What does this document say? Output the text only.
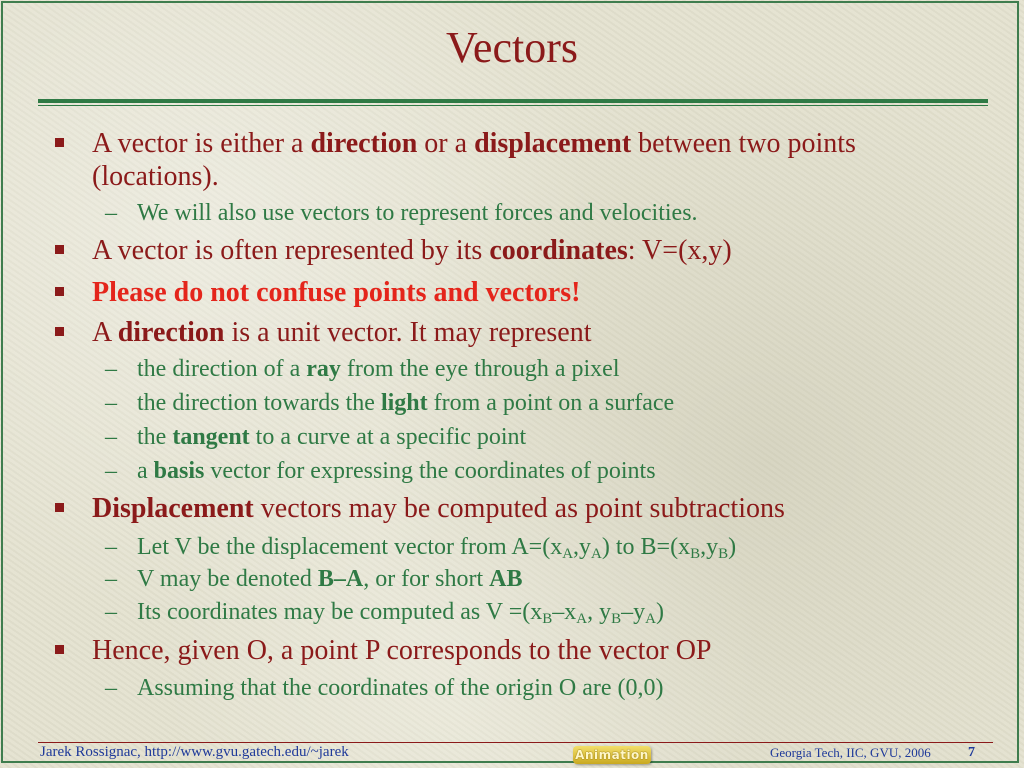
Vectors
A vector is either a direction or a displacement between two points (locations).
– We will also use vectors to represent forces and velocities.
A vector is often represented by its coordinates: V=(x,y)
Please do not confuse points and vectors!
A direction is a unit vector. It may represent
– the direction of a ray from the eye through a pixel
– the direction towards the light from a point on a surface
– the tangent to a curve at a specific point
– a basis vector for expressing the coordinates of points
Displacement vectors may be computed as point subtractions
– Let V be the displacement vector from $A=(x_A,y_A)$ to $B=(x_B,y_B)$
– V may be denoted B–A, or for short AB
– Its coordinates may be computed as $V =(x_B-x_A$, $y_B-y_A$)
Hence, given O, a point P corresponds to the vector OP
– Assuming that the coordinates of the origin O are (0,0)
Jarek Rossignac, http://www.gvu.gatech.edu/~jarek	Animation	Georgia Tech, IIC, GVU, 2006	7
